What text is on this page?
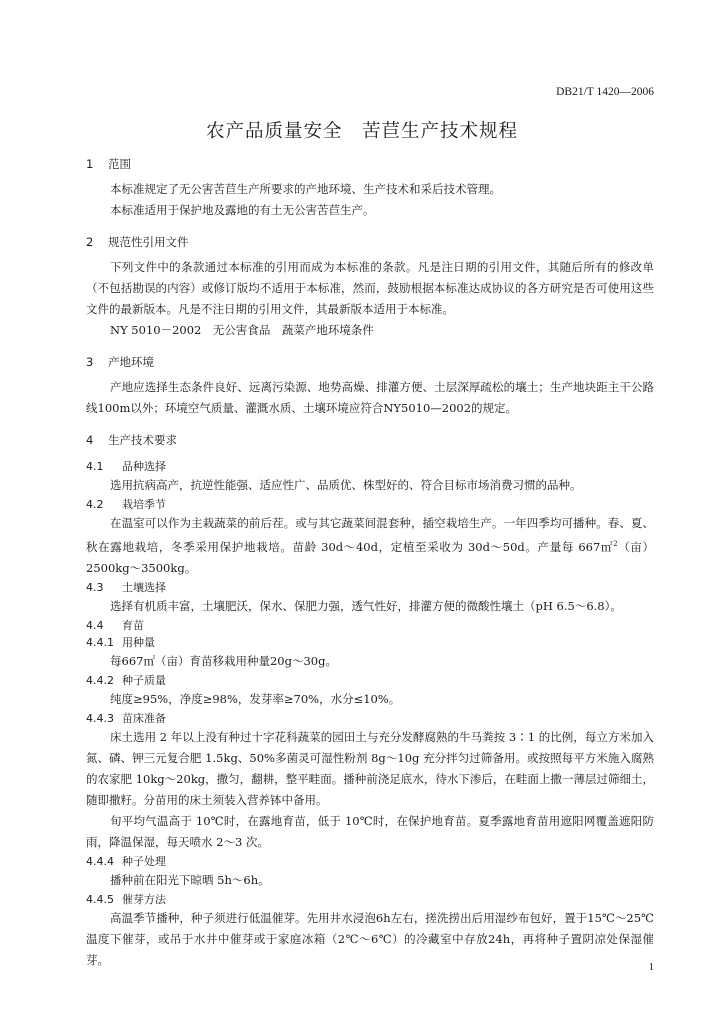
DB21/T 1420—2006
农产品质量安全　苦苣生产技术规程
1 范围

本标准规定了无公害苦苣生产所要求的产地环境、生产技术和采后技术管理。

本标准适用于保护地及露地的有土无公害苦苣生产。

2 规范性引用文件

下列文件中的条款通过本标准的引用而成为本标准的条款。凡是注日期的引用文件，其随后所有的修改单（不包括勘误的内容）或修订版均不适用于本标准，然而，鼓励根据本标准达成协议的各方研究是否可使用这些文件的最新版本。凡是不注日期的引用文件，其最新版本适用于本标准。

NY 5010－2002　无公害食品　蔬菜产地环境条件

3 产地环境

产地应选择生态条件良好、远离污染源、地势高燥、排灌方便、土层深厚疏松的壤土；生产地块距主干公路线100m以外；环境空气质量、灌溉水质、土壤环境应符合NY5010—2002的规定。

4 生产技术要求
4.1 品种选择

选用抗病高产，抗逆性能强、适应性广、品质优、株型好的、符合目标市场消费习惯的品种。

4.2 栽培季节

在温室可以作为主栽蔬菜的前后茬。或与其它蔬菜间混套种，插空栽培生产。一年四季均可播种。春、夏、秋在露地栽培，冬季采用保护地栽培。苗龄 30d～40d，定植至采收为 30d～50d。产量每 667㎡$^2$（亩）2500kg～3500kg。

4.3 土壤选择

选择有机质丰富，土壤肥沃，保水、保肥力强，透气性好，排灌方便的微酸性壤土（pH 6.5～6.8）。

4.4 育苗
4.4.1 用种量

每667㎡（亩）育苗移栽用种量20g～30g。

4.4.2 种子质量

纯度≥95%，净度≥98%，发芽率≥70%，水分≤10%。

4.4.3 苗床准备

床土选用 2 年以上没有种过十字花科蔬菜的园田土与充分发酵腐熟的牛马粪按 3∶1 的比例，每立方米加入氮、磷、钾三元复合肥 1.5kg、50%多菌灵可湿性粉剂 8g～10g 充分拌匀过筛备用。或按照每平方米施入腐熟的农家肥 10kg～20kg，撒匀，翻耕，整平畦面。播种前浇足底水，待水下渗后，在畦面上撒一薄层过筛细土，随即撒籽。分苗用的床土须装入营养钵中备用。

旬平均气温高于 10℃时，在露地育苗，低于 10℃时，在保护地育苗。夏季露地育苗用遮阳网覆盖遮阳防雨，降温保湿，每天喷水 2～3 次。

4.4.4 种子处理

播种前在阳光下晾晒 5h～6h。

4.4.5 催芽方法

高温季节播种，种子须进行低温催芽。先用井水浸泡6h左右，搓洗捞出后用湿纱布包好，置于15℃～25℃温度下催芽，或吊于水井中催芽或于家庭冰箱（2℃～6℃）的冷藏室中存放24h，再将种子置阴凉处保湿催芽。

1
